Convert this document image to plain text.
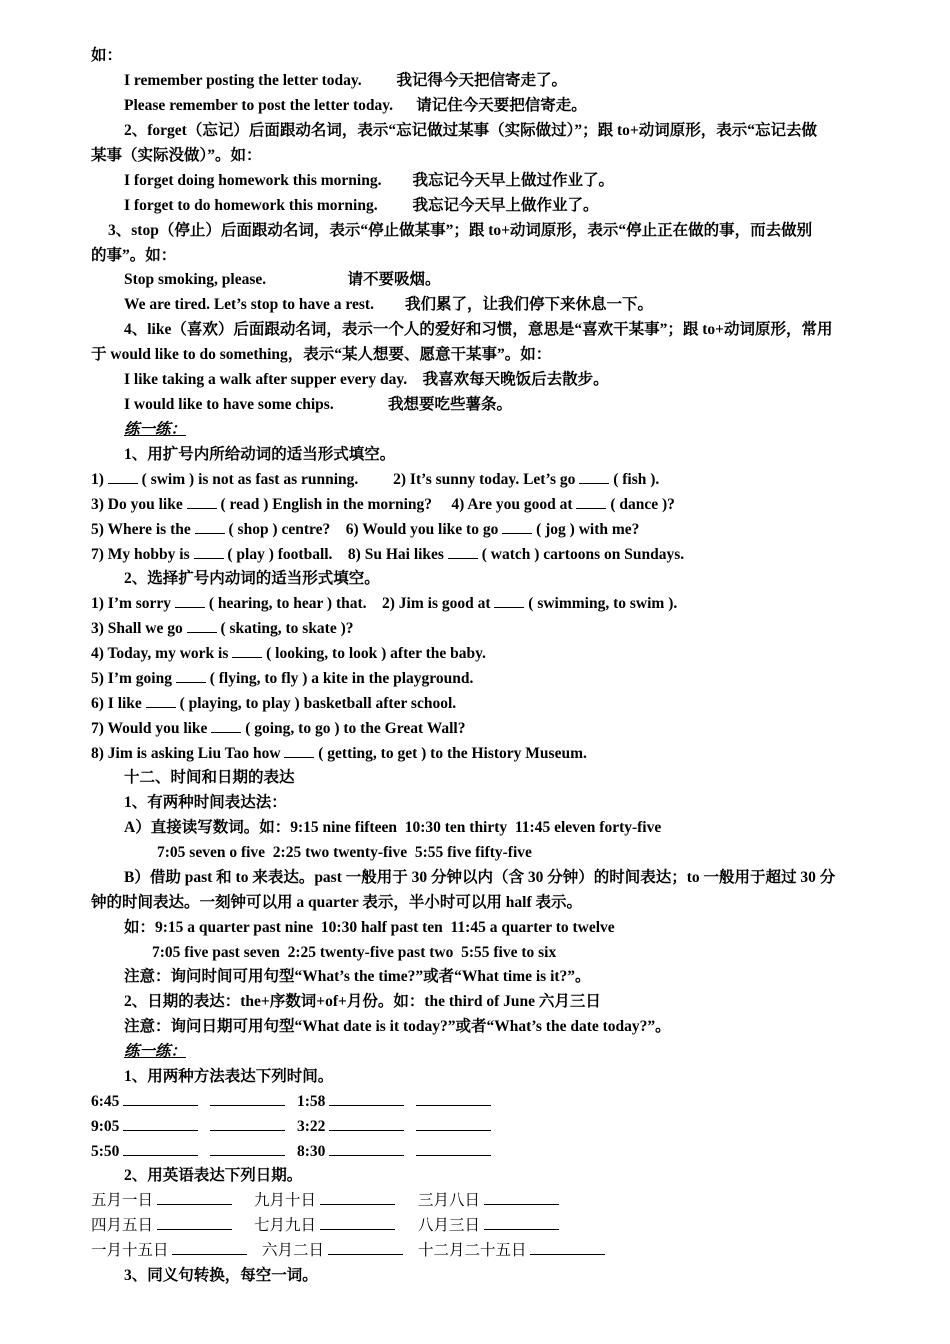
如：
I remember posting the letter today.         我记得今天把信寄走了。
Please remember to post the letter today.      请记住今天要把信寄走。
2、forget（忘记）后面跟动名词，表示“忘记做过某事（实际做过）”；跟 to+动词原形，表示“忘记去做
某事（实际没做）”。如：
I forget doing homework this morning.        我忘记今天早上做过作业了。
I forget to do homework this morning.         我忘记今天早上做作业了。
3、stop（停止）后面跟动名词，表示“停止做某事”；跟 to+动词原形，表示“停止正在做的事，而去做别
的事”。如：
Stop smoking, please.                     请不要吸烟。
We are tired. Let’s stop to have a rest.        我们累了，让我们停下来休息一下。
4、like（喜欢）后面跟动名词，表示一个人的爱好和习惯，意思是“喜欢干某事”；跟 to+动词原形，常用
于 would like to do something，表示“某人想要、愿意干某事”。如：
I like taking a walk after supper every day.    我喜欢每天晚饭后去散步。
I would like to have some chips.              我想要吃些薯条。
练一练：
1、用扩号内所给动词的适当形式填空。
1)  ( swim ) is not as fast as running.         2) It’s sunny today. Let’s go  ( fish ).
3) Do you like  ( read ) English in the morning?     4) Are you good at  ( dance )?
5) Where is the  ( shop ) centre?    6) Would you like to go  ( jog ) with me?
7) My hobby is  ( play ) football.    8) Su Hai likes  ( watch ) cartoons on Sundays.
2、选择扩号内动词的适当形式填空。
1) I’m sorry  ( hearing, to hear ) that.    2) Jim is good at  ( swimming, to swim ).
3) Shall we go  ( skating, to skate )?
4) Today, my work is  ( looking, to look ) after the baby.
5) I’m going  ( flying, to fly ) a kite in the playground.
6) I like  ( playing, to play ) basketball after school.
7) Would you like  ( going, to go ) to the Great Wall?
8) Jim is asking Liu Tao how  ( getting, to get ) to the History Museum.
十二、时间和日期的表达
1、有两种时间表达法：
A）直接读写数词。如：9:15 nine fifteen  10:30 ten thirty  11:45 eleven forty-five
7:05 seven o five  2:25 two twenty-five  5:55 five fifty-five
B）借助 past 和 to 来表达。past 一般用于 30 分钟以内（含 30 分钟）的时间表达；to 一般用于超过 30 分
钟的时间表达。一刻钟可以用 a quarter 表示，半小时可以用 half 表示。
如：9:15 a quarter past nine  10:30 half past ten  11:45 a quarter to twelve
7:05 five past seven  2:25 twenty-five past two  5:55 five to six
注意：询问时间可用句型“What’s the time?”或者“What time is it?”。
2、日期的表达：the+序数词+of+月份。如：the third of June 六月三日
注意：询问日期可用句型“What date is it today?”或者“What’s the date today?”。
练一练：
1、用两种方法表达下列时间。
6:45	1:58
9:05	3:22
5:50	8:30
2、用英语表达下列日期。
五月一日	九月十日	三月八日
四月五日	七月九日	八月三日
一月十五日	六月二日	十二月二十五日
3、同义句转换，每空一词。
